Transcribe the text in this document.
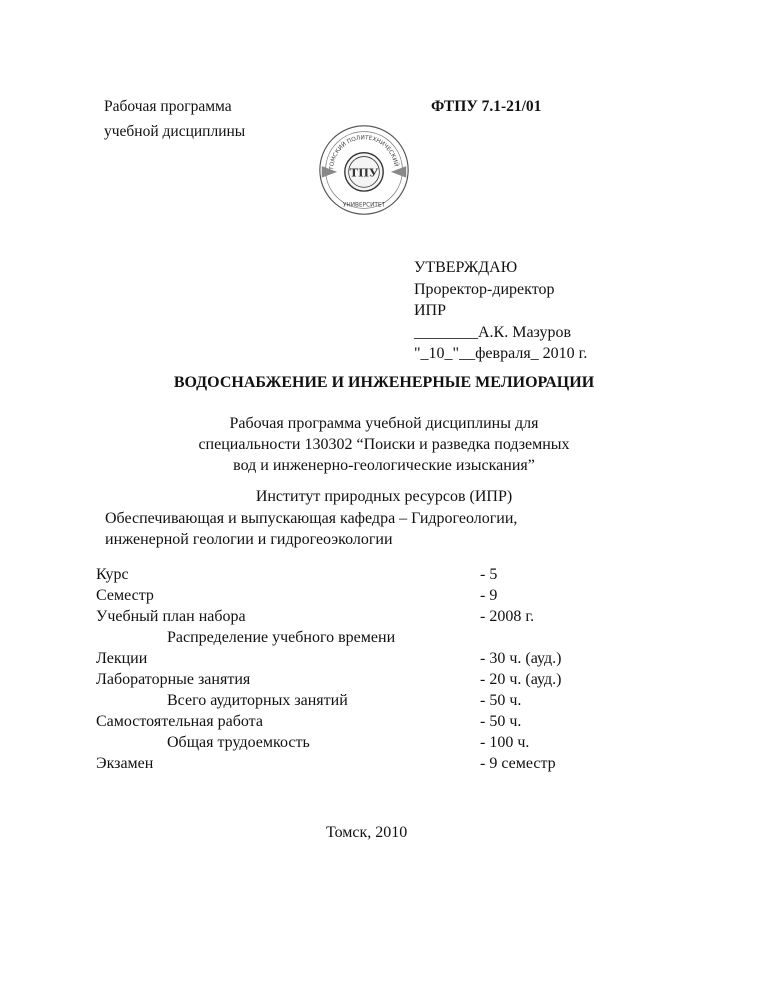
Рабочая программа
учебной дисциплины
ФТПУ 7.1-21/01
ТОМСКИЙ ПОЛИТЕХНИЧЕСКИЙ
ТПУ
УНИВЕРСИТЕТ
УТВЕРЖДАЮ
Проректор-директор
ИПР
________А.К. Мазуров
"_10_"__февраля_ 2010 г.
ВОДОСНАБЖЕНИЕ И ИНЖЕНЕРНЫЕ МЕЛИОРАЦИИ
Рабочая программа учебной дисциплины для
специальности 130302 “Поиски и разведка подземных
вод и инженерно-геологические изыскания”
Институт природных ресурсов (ИПР)
Обеспечивающая и выпускающая кафедра – Гидрогеологии,
инженерной геологии и гидрогеоэкологии
Курс	- 5
Семестр	- 9
Учебный план набора	- 2008 г.
Распределение учебного времени
Лекции	- 30 ч. (ауд.)
Лабораторные занятия	- 20 ч. (ауд.)
Всего аудиторных занятий	- 50 ч.
Самостоятельная работа	- 50 ч.
Общая трудоемкость	- 100 ч.
Экзамен	- 9 семестр
Томск, 2010
